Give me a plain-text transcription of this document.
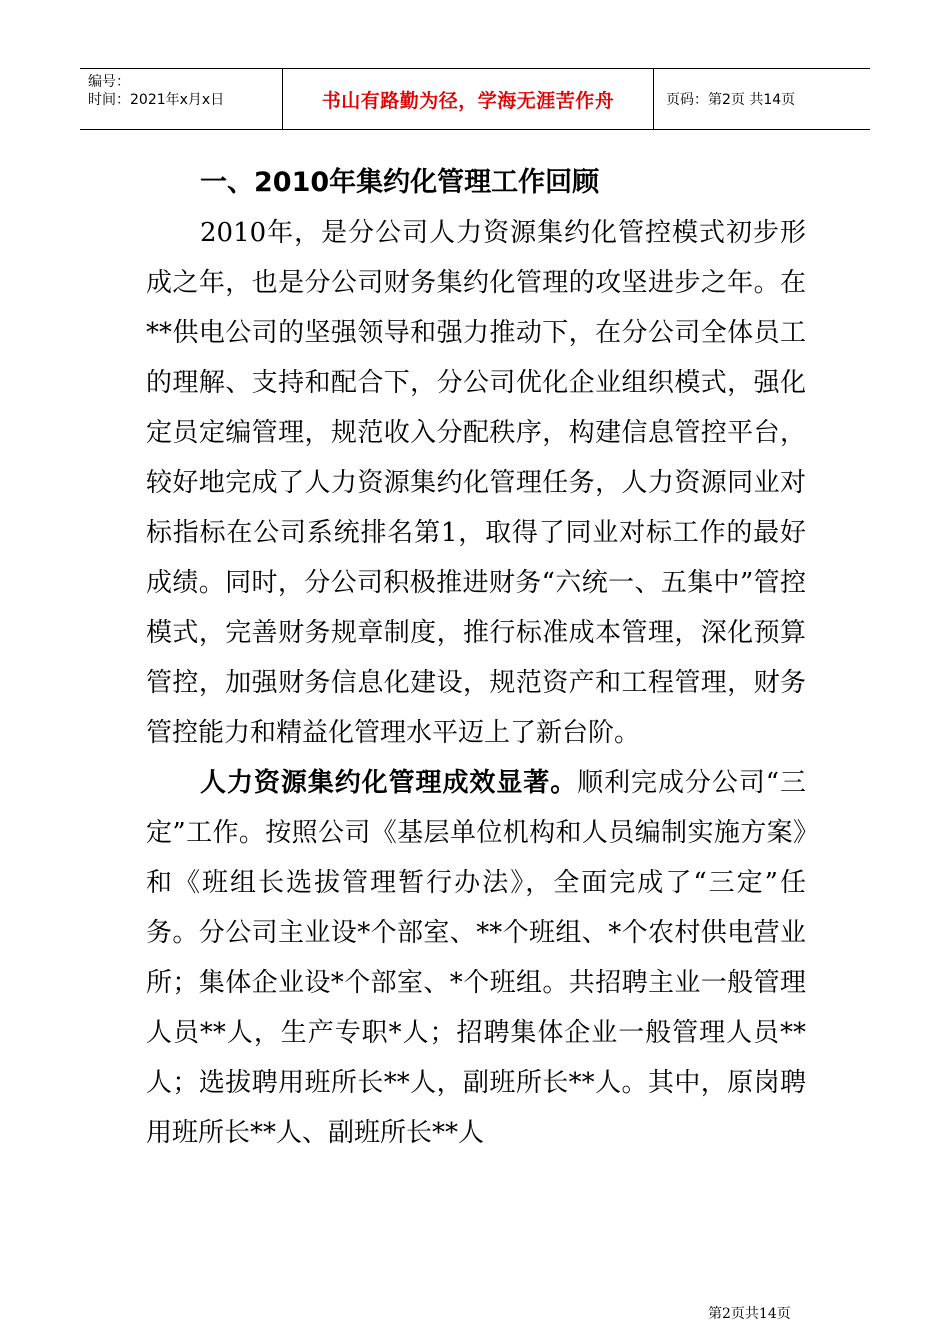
编号：
时间：2021年x月x日	书山有路勤为径，学海无涯苦作舟	页码：第2页 共14页
一、2010年集约化管理工作回顾

2010年，是分公司人力资源集约化管控模式初步形成之年，也是分公司财务集约化管理的攻坚进步之年。在**供电公司的坚强领导和强力推动下，在分公司全体员工的理解、支持和配合下，分公司优化企业组织模式，强化定员定编管理，规范收入分配秩序，构建信息管控平台，较好地完成了人力资源集约化管理任务，人力资源同业对标指标在公司系统排名第1，取得了同业对标工作的最好成绩。同时，分公司积极推进财务“六统一、五集中”管控模式，完善财务规章制度，推行标准成本管理，深化预算管控，加强财务信息化建设，规范资产和工程管理，财务管控能力和精益化管理水平迈上了新台阶。

人力资源集约化管理成效显著。顺利完成分公司“三定”工作。按照公司《基层单位机构和人员编制实施方案》和《班组长选拔管理暂行办法》，全面完成了“三定”任务。分公司主业设*个部室、**个班组、*个农村供电营业所；集体企业设*个部室、*个班组。共招聘主业一般管理人员**人，生产专职*人；招聘集体企业一般管理人员**人；选拔聘用班所长**人，副班所长**人。其中，原岗聘用班所长**人、副班所长**人

第2页共14页
